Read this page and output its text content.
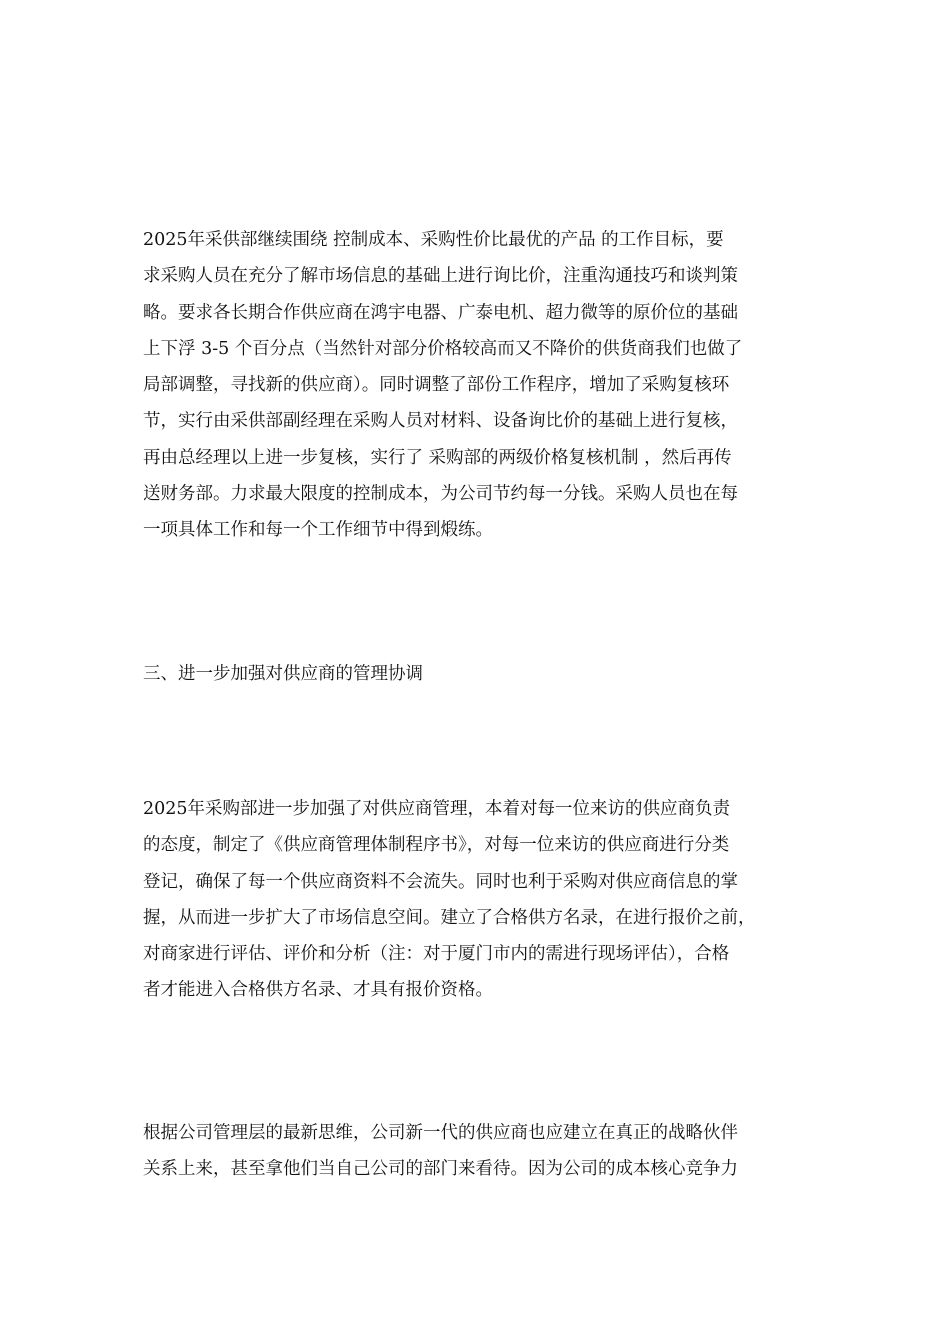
2025年采供部继续围绕 控制成本、采购性价比最优的产品 的工作目标，要
求采购人员在充分了解市场信息的基础上进行询比价，注重沟通技巧和谈判策
略。要求各长期合作供应商在鸿宇电器、广泰电机、超力微等的原价位的基础
上下浮 3-5 个百分点（当然针对部分价格较高而又不降价的供货商我们也做了
局部调整，寻找新的供应商）。同时调整了部份工作程序，增加了采购复核环
节，实行由采供部副经理在采购人员对材料、设备询比价的基础上进行复核，
再由总经理以上进一步复核，实行了 采购部的两级价格复核机制 ，然后再传
送财务部。力求最大限度的控制成本，为公司节约每一分钱。采购人员也在每
一项具体工作和每一个工作细节中得到煅练。
三、进一步加强对供应商的管理协调
2025年采购部进一步加强了对供应商管理，本着对每一位来访的供应商负责
的态度，制定了《供应商管理体制程序书》，对每一位来访的供应商进行分类
登记，确保了每一个供应商资料不会流失。同时也利于采购对供应商信息的掌
握，从而进一步扩大了市场信息空间。建立了合格供方名录，在进行报价之前，
对商家进行评估、评价和分析（注：对于厦门市内的需进行现场评估），合格
者才能进入合格供方名录、才具有报价资格。
根据公司管理层的最新思维，公司新一代的供应商也应建立在真正的战略伙伴
关系上来，甚至拿他们当自己公司的部门来看待。因为公司的成本核心竞争力
